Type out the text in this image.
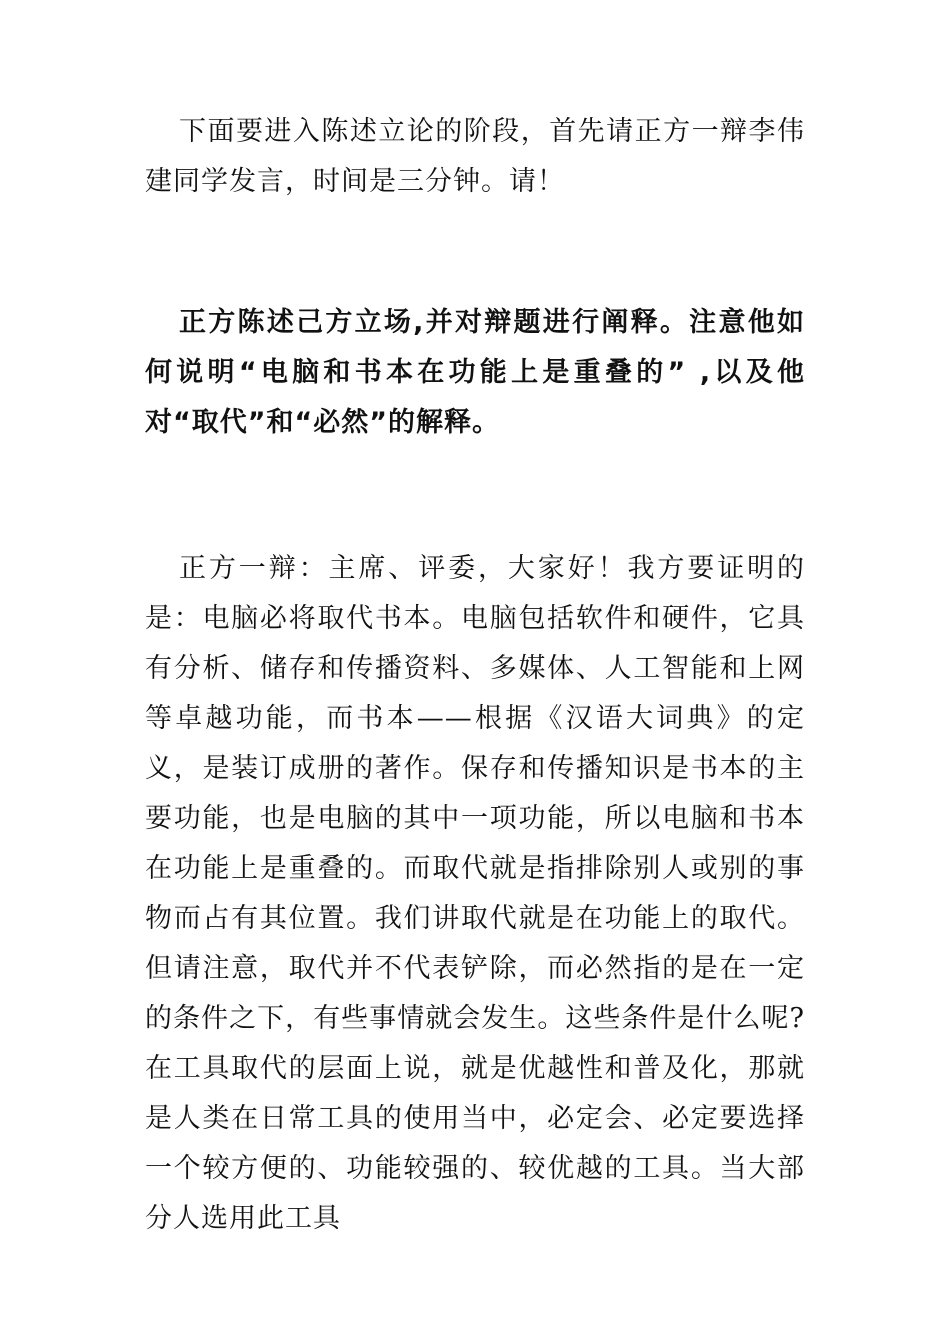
下面要进入陈述立论的阶段，首先请正方一辩李伟建同学发言，时间是三分钟。请！

正方陈述己方立场,并对辩题进行阐释。注意他如何说明“电脑和书本在功能上是重叠的” ,以及他对“取代”和“必然”的解释。

正方一辩：主席、评委，大家好！我方要证明的是：电脑必将取代书本。电脑包括软件和硬件，它具有分析、储存和传播资料、多媒体、人工智能和上网等卓越功能，而书本——根据《汉语大词典》的定义，是装订成册的著作。保存和传播知识是书本的主要功能，也是电脑的其中一项功能，所以电脑和书本在功能上是重叠的。而取代就是指排除别人或别的事物而占有其位置。我们讲取代就是在功能上的取代。但请注意，取代并不代表铲除，而必然指的是在一定的条件之下，有些事情就会发生。这些条件是什么呢?在工具取代的层面上说，就是优越性和普及化，那就是人类在日常工具的使用当中，必定会、必定要选择一个较方便的、功能较强的、较优越的工具。当大部分人选用此工具
